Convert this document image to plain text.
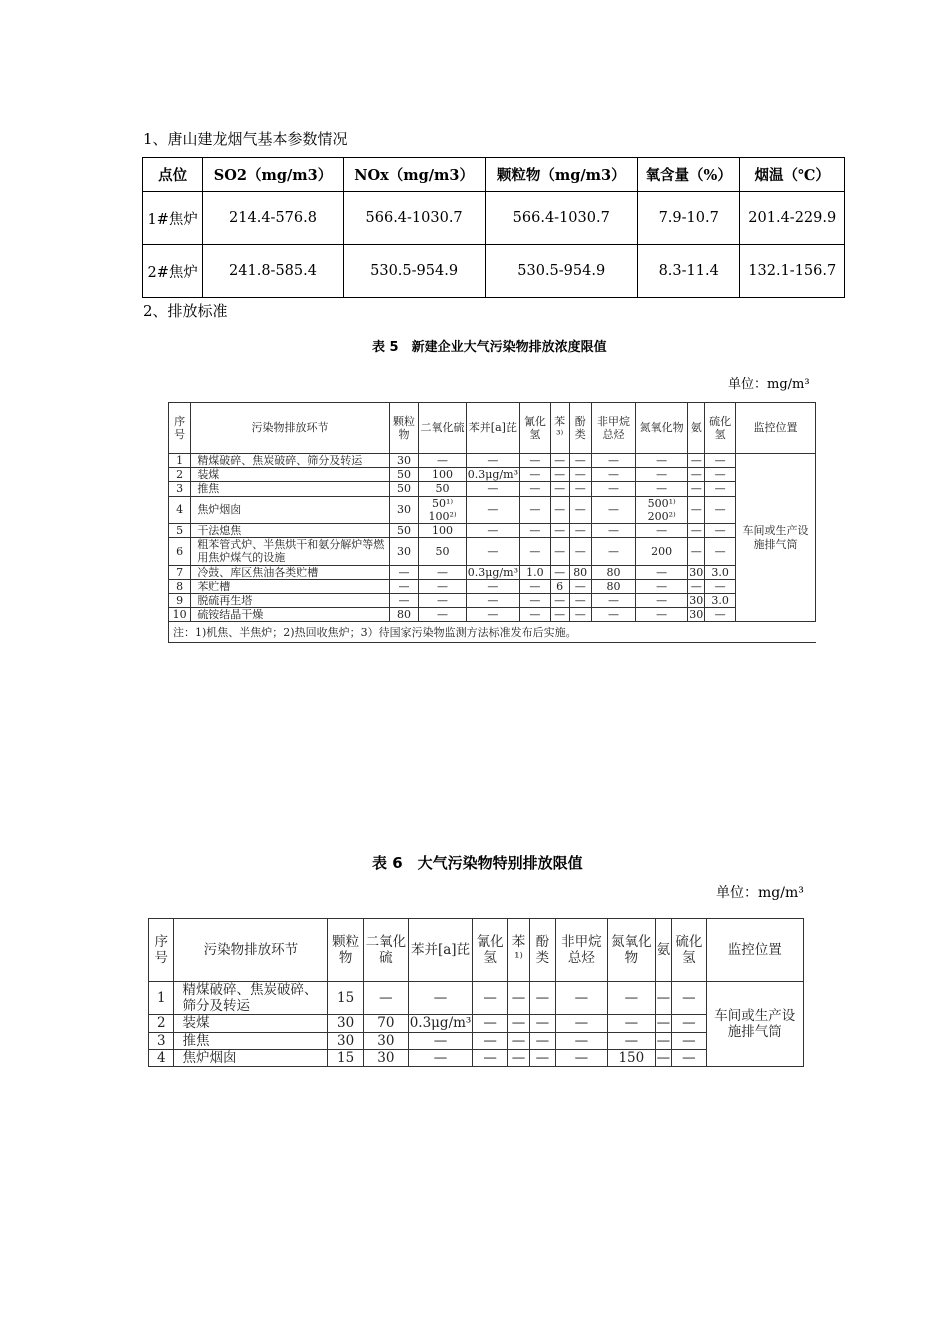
1、唐山建龙烟气基本参数情况
点位	SO2（mg/m3）	NOx（mg/m3）	颗粒物（mg/m3）	氧含量（%）	烟温（℃）
1#焦炉	214.4-576.8	566.4-1030.7	566.4-1030.7	7.9-10.7	201.4-229.9
2#焦炉	241.8-585.4	530.5-954.9	530.5-954.9	8.3-11.4	132.1-156.7
2、排放标准
表 5　新建企业大气污染物排放浓度限值
单位：mg/m³
序号	污染物排放环节	颗粒物	二氧化硫	苯并[a]芘	氰化氢	苯³⁾	酚类	非甲烷总烃	氮氧化物	氨	硫化氢	监控位置
1	精煤破碎、焦炭破碎、筛分及转运	30	—	—	—	—	—	—	—	—	—	车间或生产设施排气筒
2	装煤	50	100	0.3μg/m³	—	—	—	—	—	—	—	
3	推焦	50	50	—	—	—	—	—	—	—	—	
4	焦炉烟囱	30	50¹⁾ 100²⁾	—	—	—	—	—	500¹⁾ 200²⁾	—	—	
5	干法熄焦	50	100	—	—	—	—	—	—	—	—	
6	粗苯管式炉、半焦烘干和氨分解炉等燃用焦炉煤气的设施	30	50	—	—	—	—	—	200	—	—	
7	冷鼓、库区焦油各类贮槽	—	—	0.3μg/m³	1.0	—	80	80	—	30	3.0	
8	苯贮槽	—	—	—	—	6	—	80	—	—	—	
9	脱硫再生塔	—	—	—	—	—	—	—	—	30	3.0	
10	硫铵结晶干燥	80	—	—	—	—	—	—	—	30	—	
注：1)机焦、半焦炉；2)热回收焦炉；3）待国家污染物监测方法标准发布后实施。												
表 6　大气污染物特别排放限值
单位：mg/m³
序号	污染物排放环节	颗粒物	二氧化硫	苯并[a]芘	氰化氢	苯¹⁾	酚类	非甲烷总烃	氮氧化物	氨	硫化氢	监控位置
1	精煤破碎、焦炭破碎、筛分及转运	15	—	—	—	—	—	—	—	—	—	车间或生产设施排气筒
2	装煤	30	70	0.3μg/m³	—	—	—	—	—	—	—	
3	推焦	30	30	—	—	—	—	—	—	—	—	
4	焦炉烟囱	15	30	—	—	—	—	—	150	—	—	
